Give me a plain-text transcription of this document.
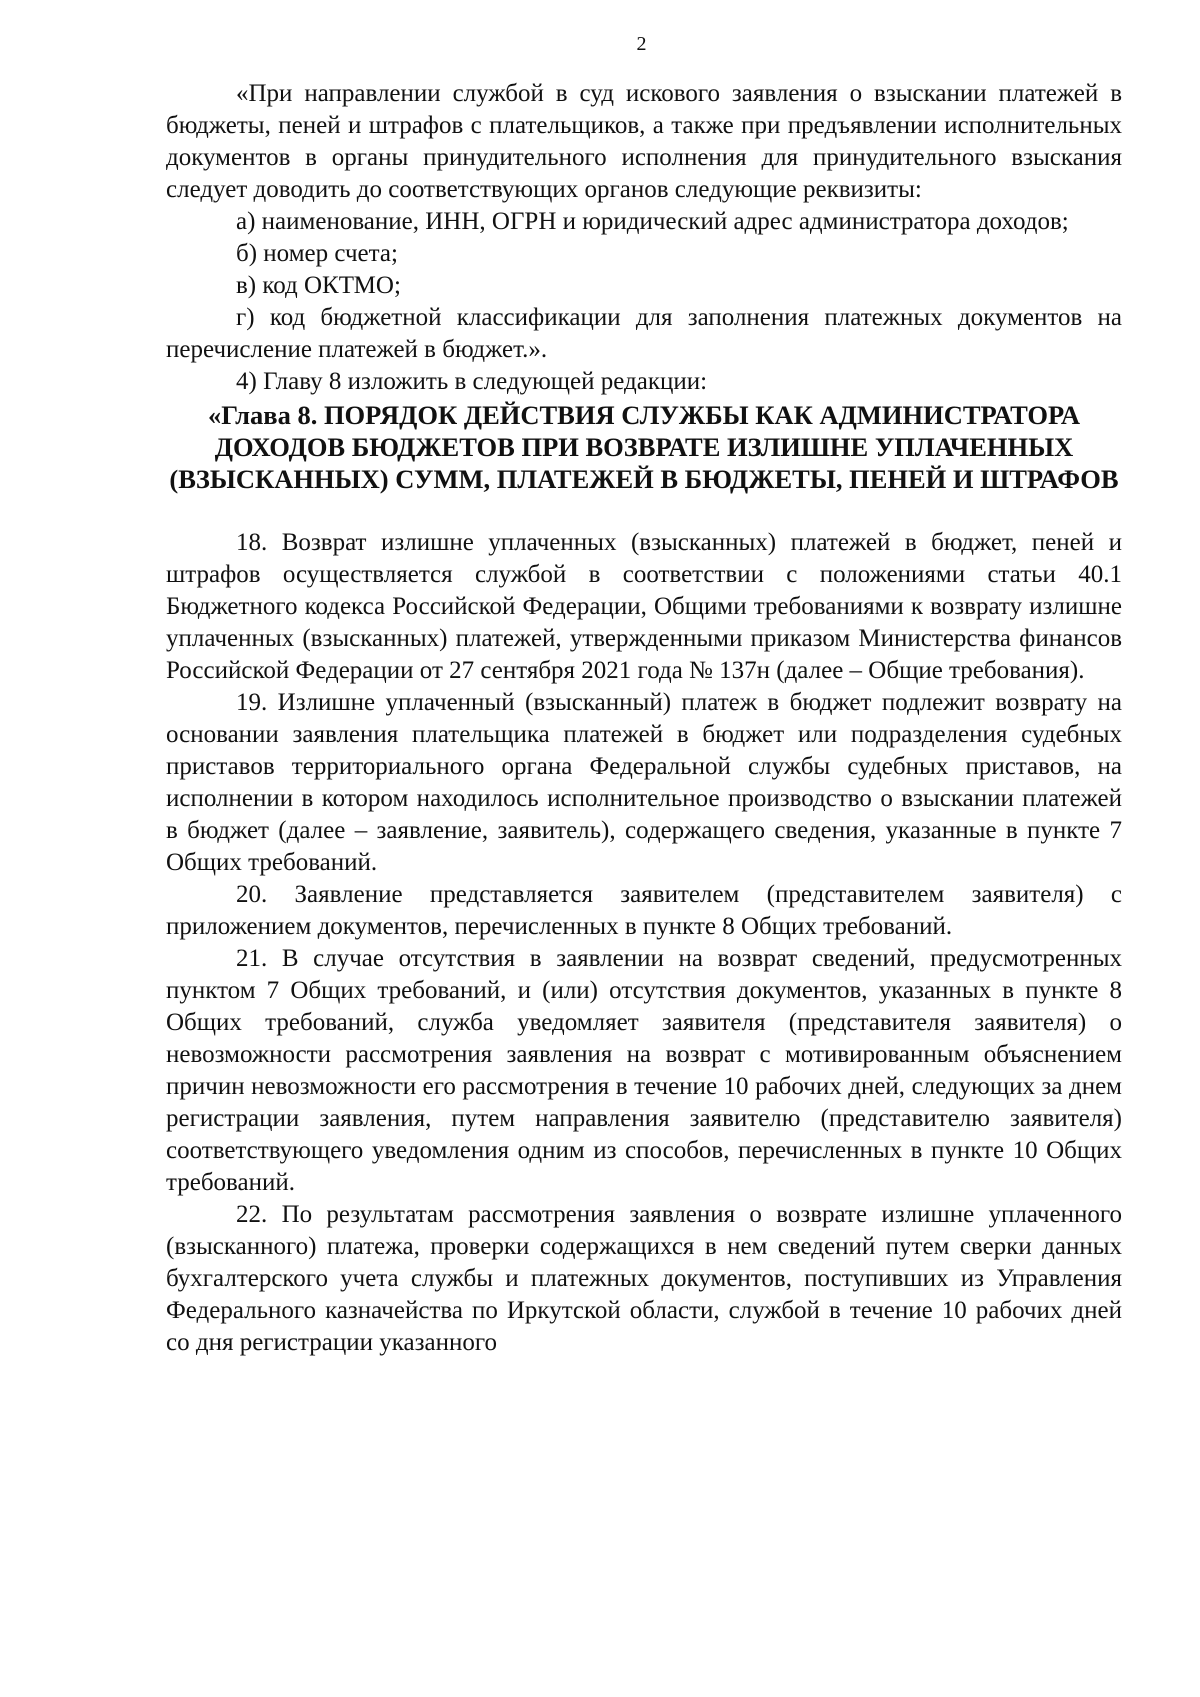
2

«При направлении службой в суд искового заявления о взыскании платежей в бюджеты, пеней и штрафов с плательщиков, а также при предъявлении исполнительных документов в органы принудительного исполнения для принудительного взыскания следует доводить до соответствующих органов следующие реквизиты:

а) наименование, ИНН, ОГРН и юридический адрес администратора доходов;

б) номер счета;

в) код ОКТМО;

г) код бюджетной классификации для заполнения платежных документов на перечисление платежей в бюджет.».

4) Главу 8 изложить в следующей редакции:

«Глава 8. ПОРЯДОК ДЕЙСТВИЯ СЛУЖБЫ КАК АДМИНИСТРАТОРА ДОХОДОВ БЮДЖЕТОВ ПРИ ВОЗВРАТЕ ИЗЛИШНЕ УПЛАЧЕННЫХ (ВЗЫСКАННЫХ) СУММ, ПЛАТЕЖЕЙ В БЮДЖЕТЫ, ПЕНЕЙ И ШТРАФОВ

18. Возврат излишне уплаченных (взысканных) платежей в бюджет, пеней и штрафов осуществляется службой в соответствии с положениями статьи 40.1 Бюджетного кодекса Российской Федерации, Общими требованиями к возврату излишне уплаченных (взысканных) платежей, утвержденными приказом Министерства финансов Российской Федерации от 27 сентября 2021 года № 137н (далее – Общие требования).

19. Излишне уплаченный (взысканный) платеж в бюджет подлежит возврату на основании заявления плательщика платежей в бюджет или подразделения судебных приставов территориального органа Федеральной службы судебных приставов, на исполнении в котором находилось исполнительное производство о взыскании платежей в бюджет (далее – заявление, заявитель), содержащего сведения, указанные в пункте 7 Общих требований.

20. Заявление представляется заявителем (представителем заявителя) с приложением документов, перечисленных в пункте 8 Общих требований.

21. В случае отсутствия в заявлении на возврат сведений, предусмотренных пунктом 7 Общих требований, и (или) отсутствия документов, указанных в пункте 8 Общих требований, служба уведомляет заявителя (представителя заявителя) о невозможности рассмотрения заявления на возврат с мотивированным объяснением причин невозможности его рассмотрения в течение 10 рабочих дней, следующих за днем регистрации заявления, путем направления заявителю (представителю заявителя) соответствующего уведомления одним из способов, перечисленных в пункте 10 Общих требований.

22. По результатам рассмотрения заявления о возврате излишне уплаченного (взысканного) платежа, проверки содержащихся в нем сведений путем сверки данных бухгалтерского учета службы и платежных документов, поступивших из Управления Федерального казначейства по Иркутской области, службой в течение 10 рабочих дней со дня регистрации указанного
